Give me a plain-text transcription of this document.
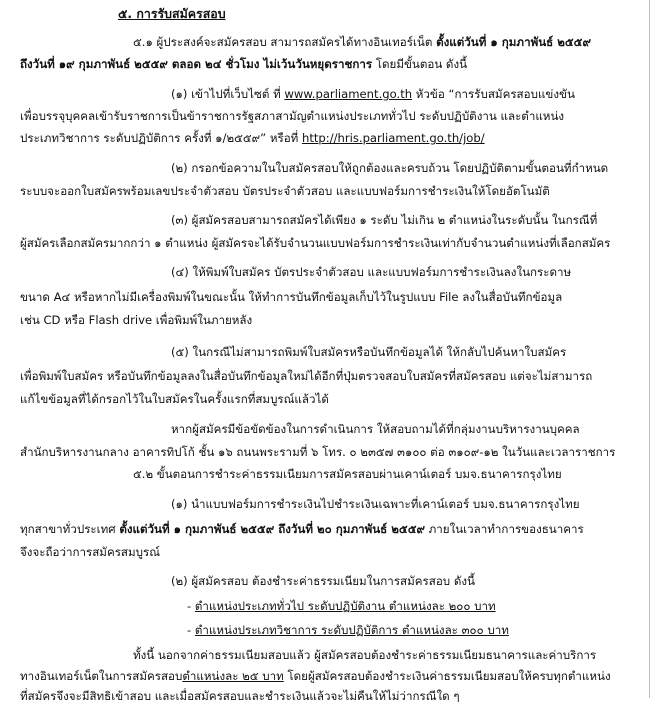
๕. การรับสมัครสอบ
๕.๑ ผู้ประสงค์จะสมัครสอบ สามารถสมัครได้ทางอินเทอร์เน็ต ตั้งแต่วันที่ ๑ กุมภาพันธ์ ๒๕๕๙
ถึงวันที่ ๑๙ กุมภาพันธ์ ๒๕๕๙ ตลอด ๒๔ ชั่วโมง ไม่เว้นวันหยุดราชการ โดยมีขั้นตอน ดังนี้
(๑) เข้าไปที่เว็บไซต์ ที่ www.parliament.go.th หัวข้อ “การรับสมัครสอบแข่งขัน
เพื่อบรรจุบุคคลเข้ารับราชการเป็นข้าราชการรัฐสภาสามัญตำแหน่งประเภททั่วไป ระดับปฏิบัติงาน และตำแหน่ง
ประเภทวิชาการ ระดับปฏิบัติการ ครั้งที่ ๑/๒๕๕๙” หรือที่ http://hris.parliament.go.th/job/
(๒) กรอกข้อความในใบสมัครสอบให้ถูกต้องและครบถ้วน โดยปฏิบัติตามขั้นตอนที่กำหนด
ระบบจะออกใบสมัครพร้อมเลขประจำตัวสอบ บัตรประจำตัวสอบ และแบบฟอร์มการชำระเงินให้โดยอัตโนมัติ
(๓) ผู้สมัครสอบสามารถสมัครได้เพียง ๑ ระดับ ไม่เกิน ๒ ตำแหน่งในระดับนั้น ในกรณีที่
ผู้สมัครเลือกสมัครมากกว่า ๑ ตำแหน่ง ผู้สมัครจะได้รับจำนวนแบบฟอร์มการชำระเงินเท่ากับจำนวนตำแหน่งที่เลือกสมัคร
(๔) ให้พิมพ์ใบสมัคร บัตรประจำตัวสอบ และแบบฟอร์มการชำระเงินลงในกระดาษ
ขนาด A๔ หรือหากไม่มีเครื่องพิมพ์ในขณะนั้น ให้ทำการบันทึกข้อมูลเก็บไว้ในรูปแบบ File ลงในสื่อบันทึกข้อมูล
เช่น CD หรือ Flash drive เพื่อพิมพ์ในภายหลัง
(๕) ในกรณีไม่สามารถพิมพ์ใบสมัครหรือบันทึกข้อมูลได้ ให้กลับไปค้นหาใบสมัคร
เพื่อพิมพ์ใบสมัคร หรือบันทึกข้อมูลลงในสื่อบันทึกข้อมูลใหม่ได้อีกที่ปุ่มตรวจสอบใบสมัครที่สมัครสอบ แต่จะไม่สามารถ
แก้ไขข้อมูลที่ได้กรอกไว้ในใบสมัครในครั้งแรกที่สมบูรณ์แล้วได้
หากผู้สมัครมีข้อขัดข้องในการดำเนินการ ให้สอบถามได้ที่กลุ่มงานบริหารงานบุคคล
สำนักบริหารงานกลาง อาคารทิปโก้ ชั้น ๑๖ ถนนพระรามที่ ๖ โทร. ๐ ๒๓๕๗ ๓๑๐๐ ต่อ ๓๑๐๙-๑๒ ในวันและเวลาราชการ
๕.๒ ขั้นตอนการชำระค่าธรรมเนียมการสมัครสอบผ่านเคาน์เตอร์ บมจ.ธนาคารกรุงไทย
(๑) นำแบบฟอร์มการชำระเงินไปชำระเงินเฉพาะที่เคาน์เตอร์ บมจ.ธนาคารกรุงไทย
ทุกสาขาทั่วประเทศ ตั้งแต่วันที่ ๑ กุมภาพันธ์ ๒๕๕๙ ถึงวันที่ ๒๐ กุมภาพันธ์ ๒๕๕๙ ภายในเวลาทำการของธนาคาร
จึงจะถือว่าการสมัครสมบูรณ์
(๒) ผู้สมัครสอบ ต้องชำระค่าธรรมเนียมในการสมัครสอบ ดังนี้
- ตำแหน่งประเภททั่วไป ระดับปฏิบัติงาน ตำแหน่งละ ๒๐๐ บาท
- ตำแหน่งประเภทวิชาการ ระดับปฏิบัติการ ตำแหน่งละ ๓๐๐ บาท
ทั้งนี้ นอกจากค่าธรรมเนียมสอบแล้ว ผู้สมัครสอบต้องชำระค่าธรรมเนียมธนาคารและค่าบริการ
ทางอินเทอร์เน็ตในการสมัครสอบตำแหน่งละ ๒๕ บาท โดยผู้สมัครสอบต้องชำระเงินค่าธรรมเนียมสอบให้ครบทุกตำแหน่ง
ที่สมัครจึงจะมีสิทธิเข้าสอบ และเมื่อสมัครสอบและชำระเงินแล้วจะไม่คืนให้ไม่ว่ากรณีใด ๆ
